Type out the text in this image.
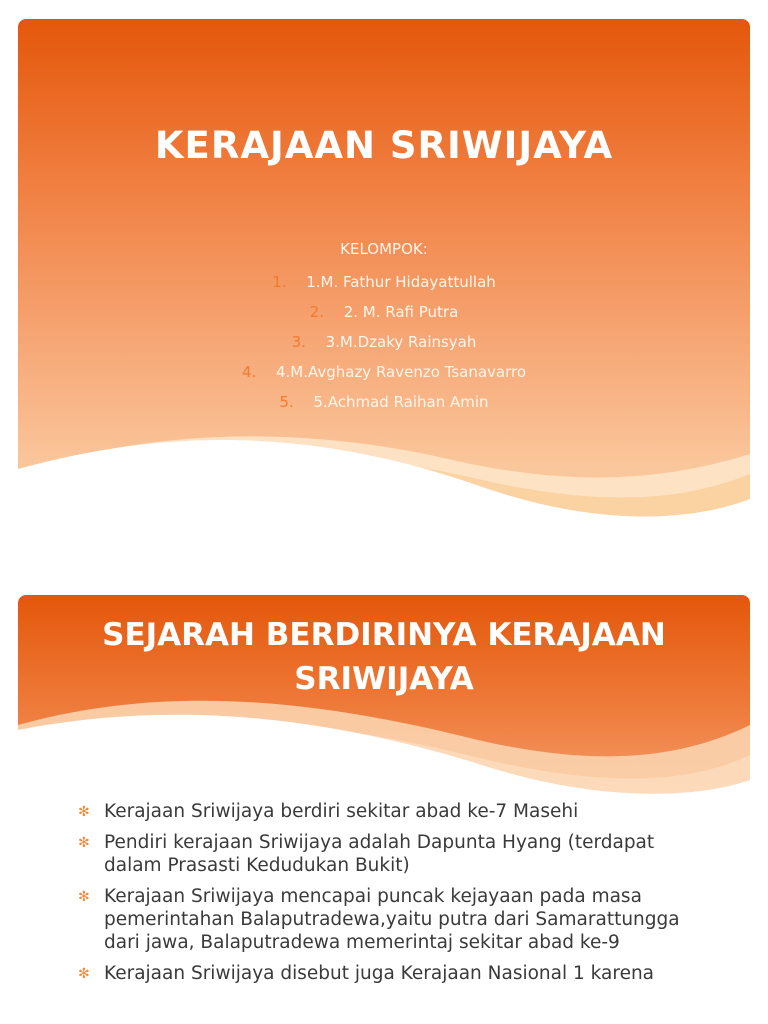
KERAJAAN SRIWIJAYA
KELOMPOK:
1. 1.M. Fathur Hidayattullah
2. 2. M. Rafi Putra
3. 3.M.Dzaky Rainsyah
4. 4.M.Avghazy Ravenzo Tsanavarro
5. 5.Achmad Raihan Amin
SEJARAH BERDIRINYA KERAJAAN
SRIWIJAYA
✻ Kerajaan Sriwijaya berdiri sekitar abad ke-7 Masehi
✻ Pendiri kerajaan Sriwijaya adalah Dapunta Hyang (terdapat dalam Prasasti Kedudukan Bukit)
✻ Kerajaan Sriwijaya mencapai puncak kejayaan pada masa pemerintahan Balaputradewa,yaitu putra dari Samarattungga dari jawa, Balaputradewa memerintaj sekitar abad ke-9
✻ Kerajaan Sriwijaya disebut juga Kerajaan Nasional 1 karena
